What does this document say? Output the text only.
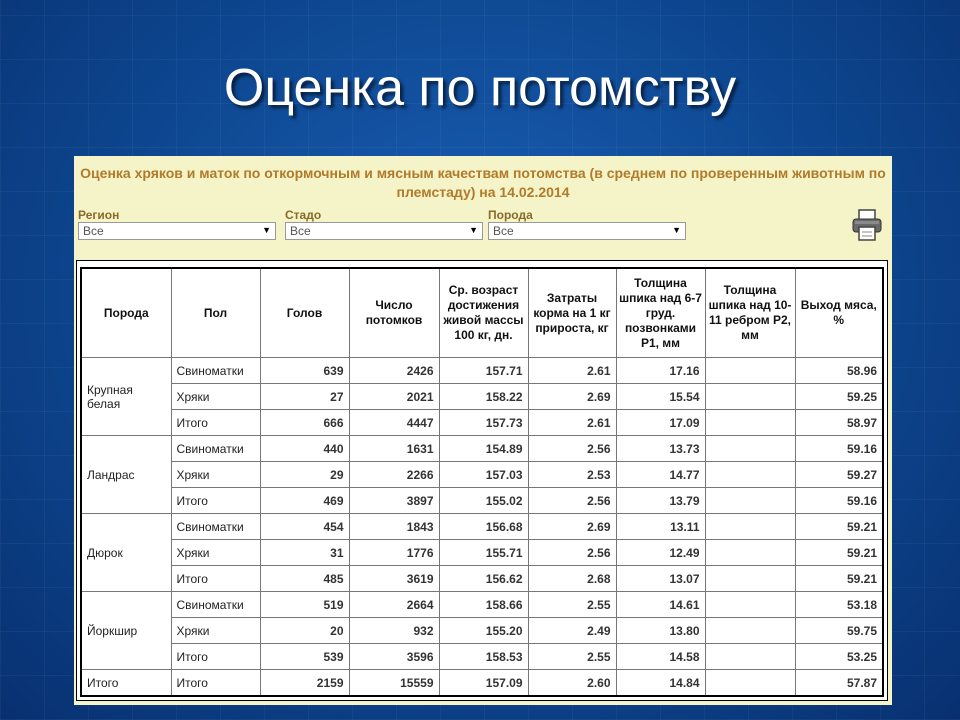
Оценка по потомству
Оценка хряков и маток по откормочным и мясным качествам потомства (в среднем по проверенным животным по племстаду) на 14.02.2014
Регион
Все	▼
Стадо
Все	▼
Порода
Все	▼
Порода	Пол	Голов	Число потомков	Ср. возраст достижения живой массы 100 кг, дн.	Затраты корма на 1 кг прироста, кг	Толщина шпика над 6-7 груд. позвонками Р1, мм	Толщина шпика над 10-11 ребром Р2, мм	Выход мяса, %
Крупная белая	Свиноматки	639	2426	157.71	2.61	17.16		58.96
	Хряки	27	2021	158.22	2.69	15.54		59.25
	Итого	666	4447	157.73	2.61	17.09		58.97
Ландрас	Свиноматки	440	1631	154.89	2.56	13.73		59.16
	Хряки	29	2266	157.03	2.53	14.77		59.27
	Итого	469	3897	155.02	2.56	13.79		59.16
Дюрок	Свиноматки	454	1843	156.68	2.69	13.11		59.21
	Хряки	31	1776	155.71	2.56	12.49		59.21
	Итого	485	3619	156.62	2.68	13.07		59.21
Йоркшир	Свиноматки	519	2664	158.66	2.55	14.61		53.18
	Хряки	20	932	155.20	2.49	13.80		59.75
	Итого	539	3596	158.53	2.55	14.58		53.25
Итого	Итого	2159	15559	157.09	2.60	14.84		57.87
